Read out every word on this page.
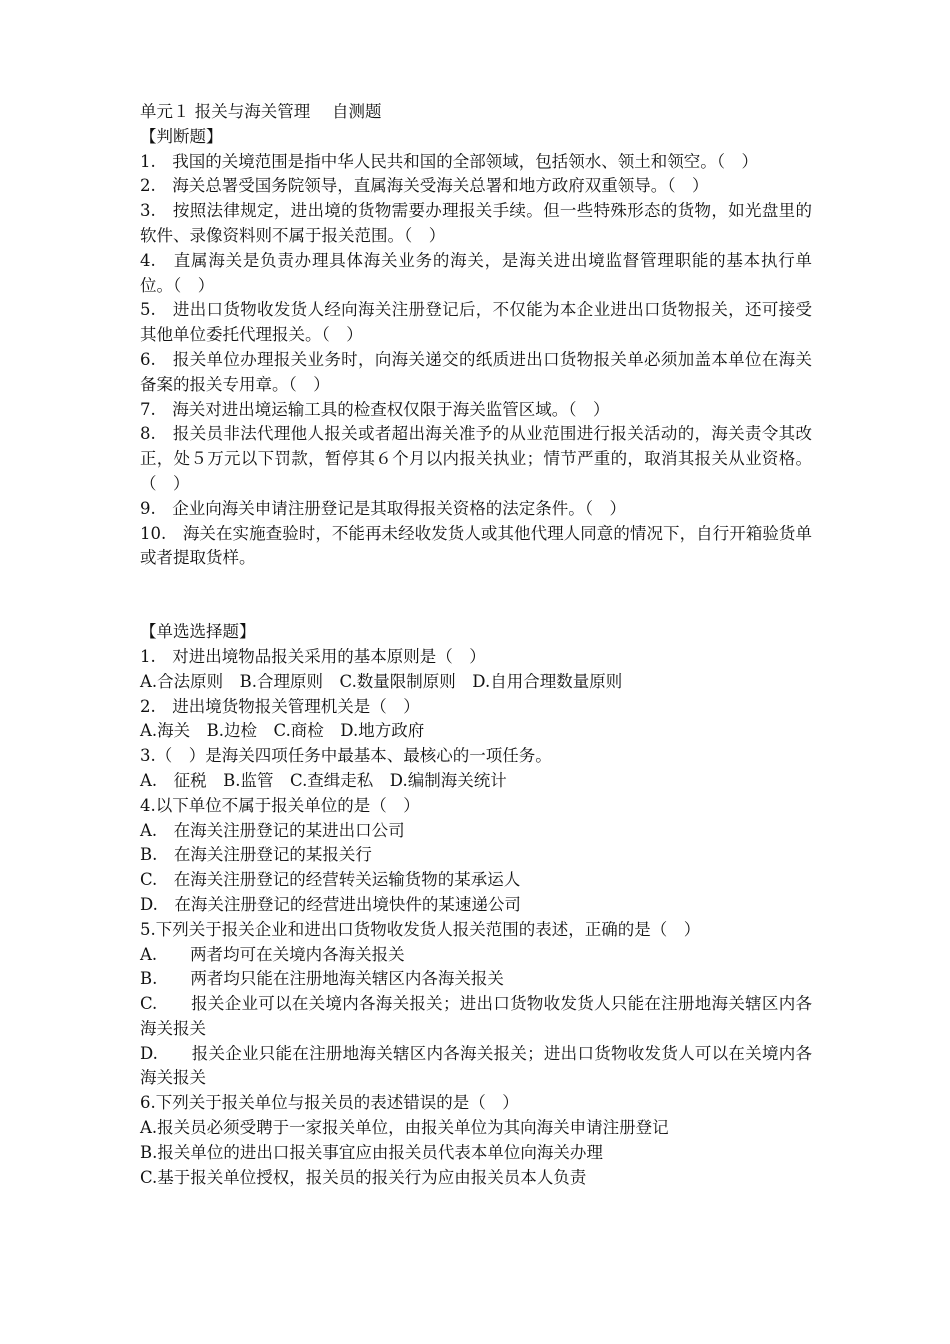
单元１ 报关与海关管理　 自测题
【判断题】
1.　我国的关境范围是指中华人民共和国的全部领域，包括领水、领土和领空。（　）
2.　海关总署受国务院领导，直属海关受海关总署和地方政府双重领导。（　）
3.　按照法律规定，进出境的货物需要办理报关手续。但一些特殊形态的货物，如光盘里的软件、录像资料则不属于报关范围。（　）
4.　直属海关是负责办理具体海关业务的海关，是海关进出境监督管理职能的基本执行单位。（　）
5.　进出口货物收发货人经向海关注册登记后，不仅能为本企业进出口货物报关，还可接受其他单位委托代理报关。（　）
6.　报关单位办理报关业务时，向海关递交的纸质进出口货物报关单必须加盖本单位在海关备案的报关专用章。（　）
7.　海关对进出境运输工具的检查权仅限于海关监管区域。（　）
8.　报关员非法代理他人报关或者超出海关准予的从业范围进行报关活动的，海关责令其改正，处５万元以下罚款，暂停其６个月以内报关执业；情节严重的，取消其报关从业资格。（　）
9.　企业向海关申请注册登记是其取得报关资格的法定条件。（　）
10.　海关在实施查验时，不能再未经收发货人或其他代理人同意的情况下，自行开箱验货单或者提取货样。
【单选选择题】
1.　对进出境物品报关采用的基本原则是（　）
A.合法原则　B.合理原则　C.数量限制原则　D.自用合理数量原则
2.　进出境货物报关管理机关是（　）
A.海关　B.边检　C.商检　D.地方政府
3.（　）是海关四项任务中最基本、最核心的一项任务。
A.　征税　B.监管　C.查缉走私　D.编制海关统计
4.以下单位不属于报关单位的是（　）
A.　在海关注册登记的某进出口公司
B.　在海关注册登记的某报关行
C.　在海关注册登记的经营转关运输货物的某承运人
D.　在海关注册登记的经营进出境快件的某速递公司
5.下列关于报关企业和进出口货物收发货人报关范围的表述，正确的是（　）
A.　　两者均可在关境内各海关报关
B.　　两者均只能在注册地海关辖区内各海关报关
C.　　报关企业可以在关境内各海关报关；进出口货物收发货人只能在注册地海关辖区内各海关报关
D.　　报关企业只能在注册地海关辖区内各海关报关；进出口货物收发货人可以在关境内各海关报关
6.下列关于报关单位与报关员的表述错误的是（　）
A.报关员必须受聘于一家报关单位，由报关单位为其向海关申请注册登记
B.报关单位的进出口报关事宜应由报关员代表本单位向海关办理
C.基于报关单位授权，报关员的报关行为应由报关员本人负责
